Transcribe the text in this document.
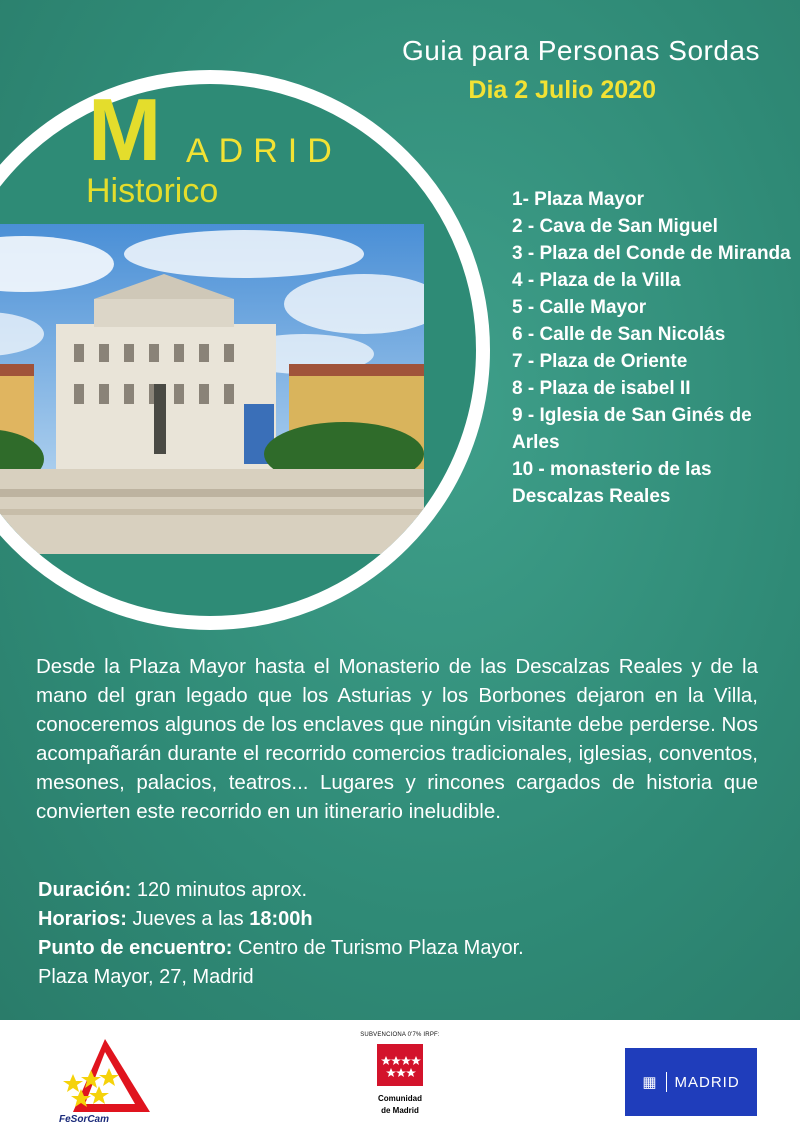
Guia para Personas Sordas
Dia 2 Julio 2020
M ADRID
Historico	1- Plaza Mayor
2 - Cava de San Miguel
3 - Plaza del Conde de Miranda
4 - Plaza de la Villa
5 - Calle Mayor
6 - Calle de San Nicolás
7 - Plaza de Oriente
8 - Plaza de isabel II
9 - Iglesia de San Ginés de Arles
10 - monasterio de las Descalzas Reales
Desde la Plaza Mayor hasta el Monasterio de las Descalzas Reales y de la mano del gran legado que los Asturias y los Borbones dejaron en la Villa, conoceremos algunos de los enclaves que ningún visitante debe perderse. Nos acompañarán durante el recorrido comercios tradicionales, iglesias, conventos, mesones, palacios, teatros... Lugares y rincones cargados de historia que convierten este recorrido en un itinerario ineludible.
Duración: 120 minutos aprox.
Horarios: Jueves a las 18:00h
Punto de encuentro: Centro de Turismo Plaza Mayor.
Plaza Mayor, 27, Madrid
FeSorCam
SUBVENCIONA 0'7% IRPF:
Comunidad
de Madrid
▦ MADRID
